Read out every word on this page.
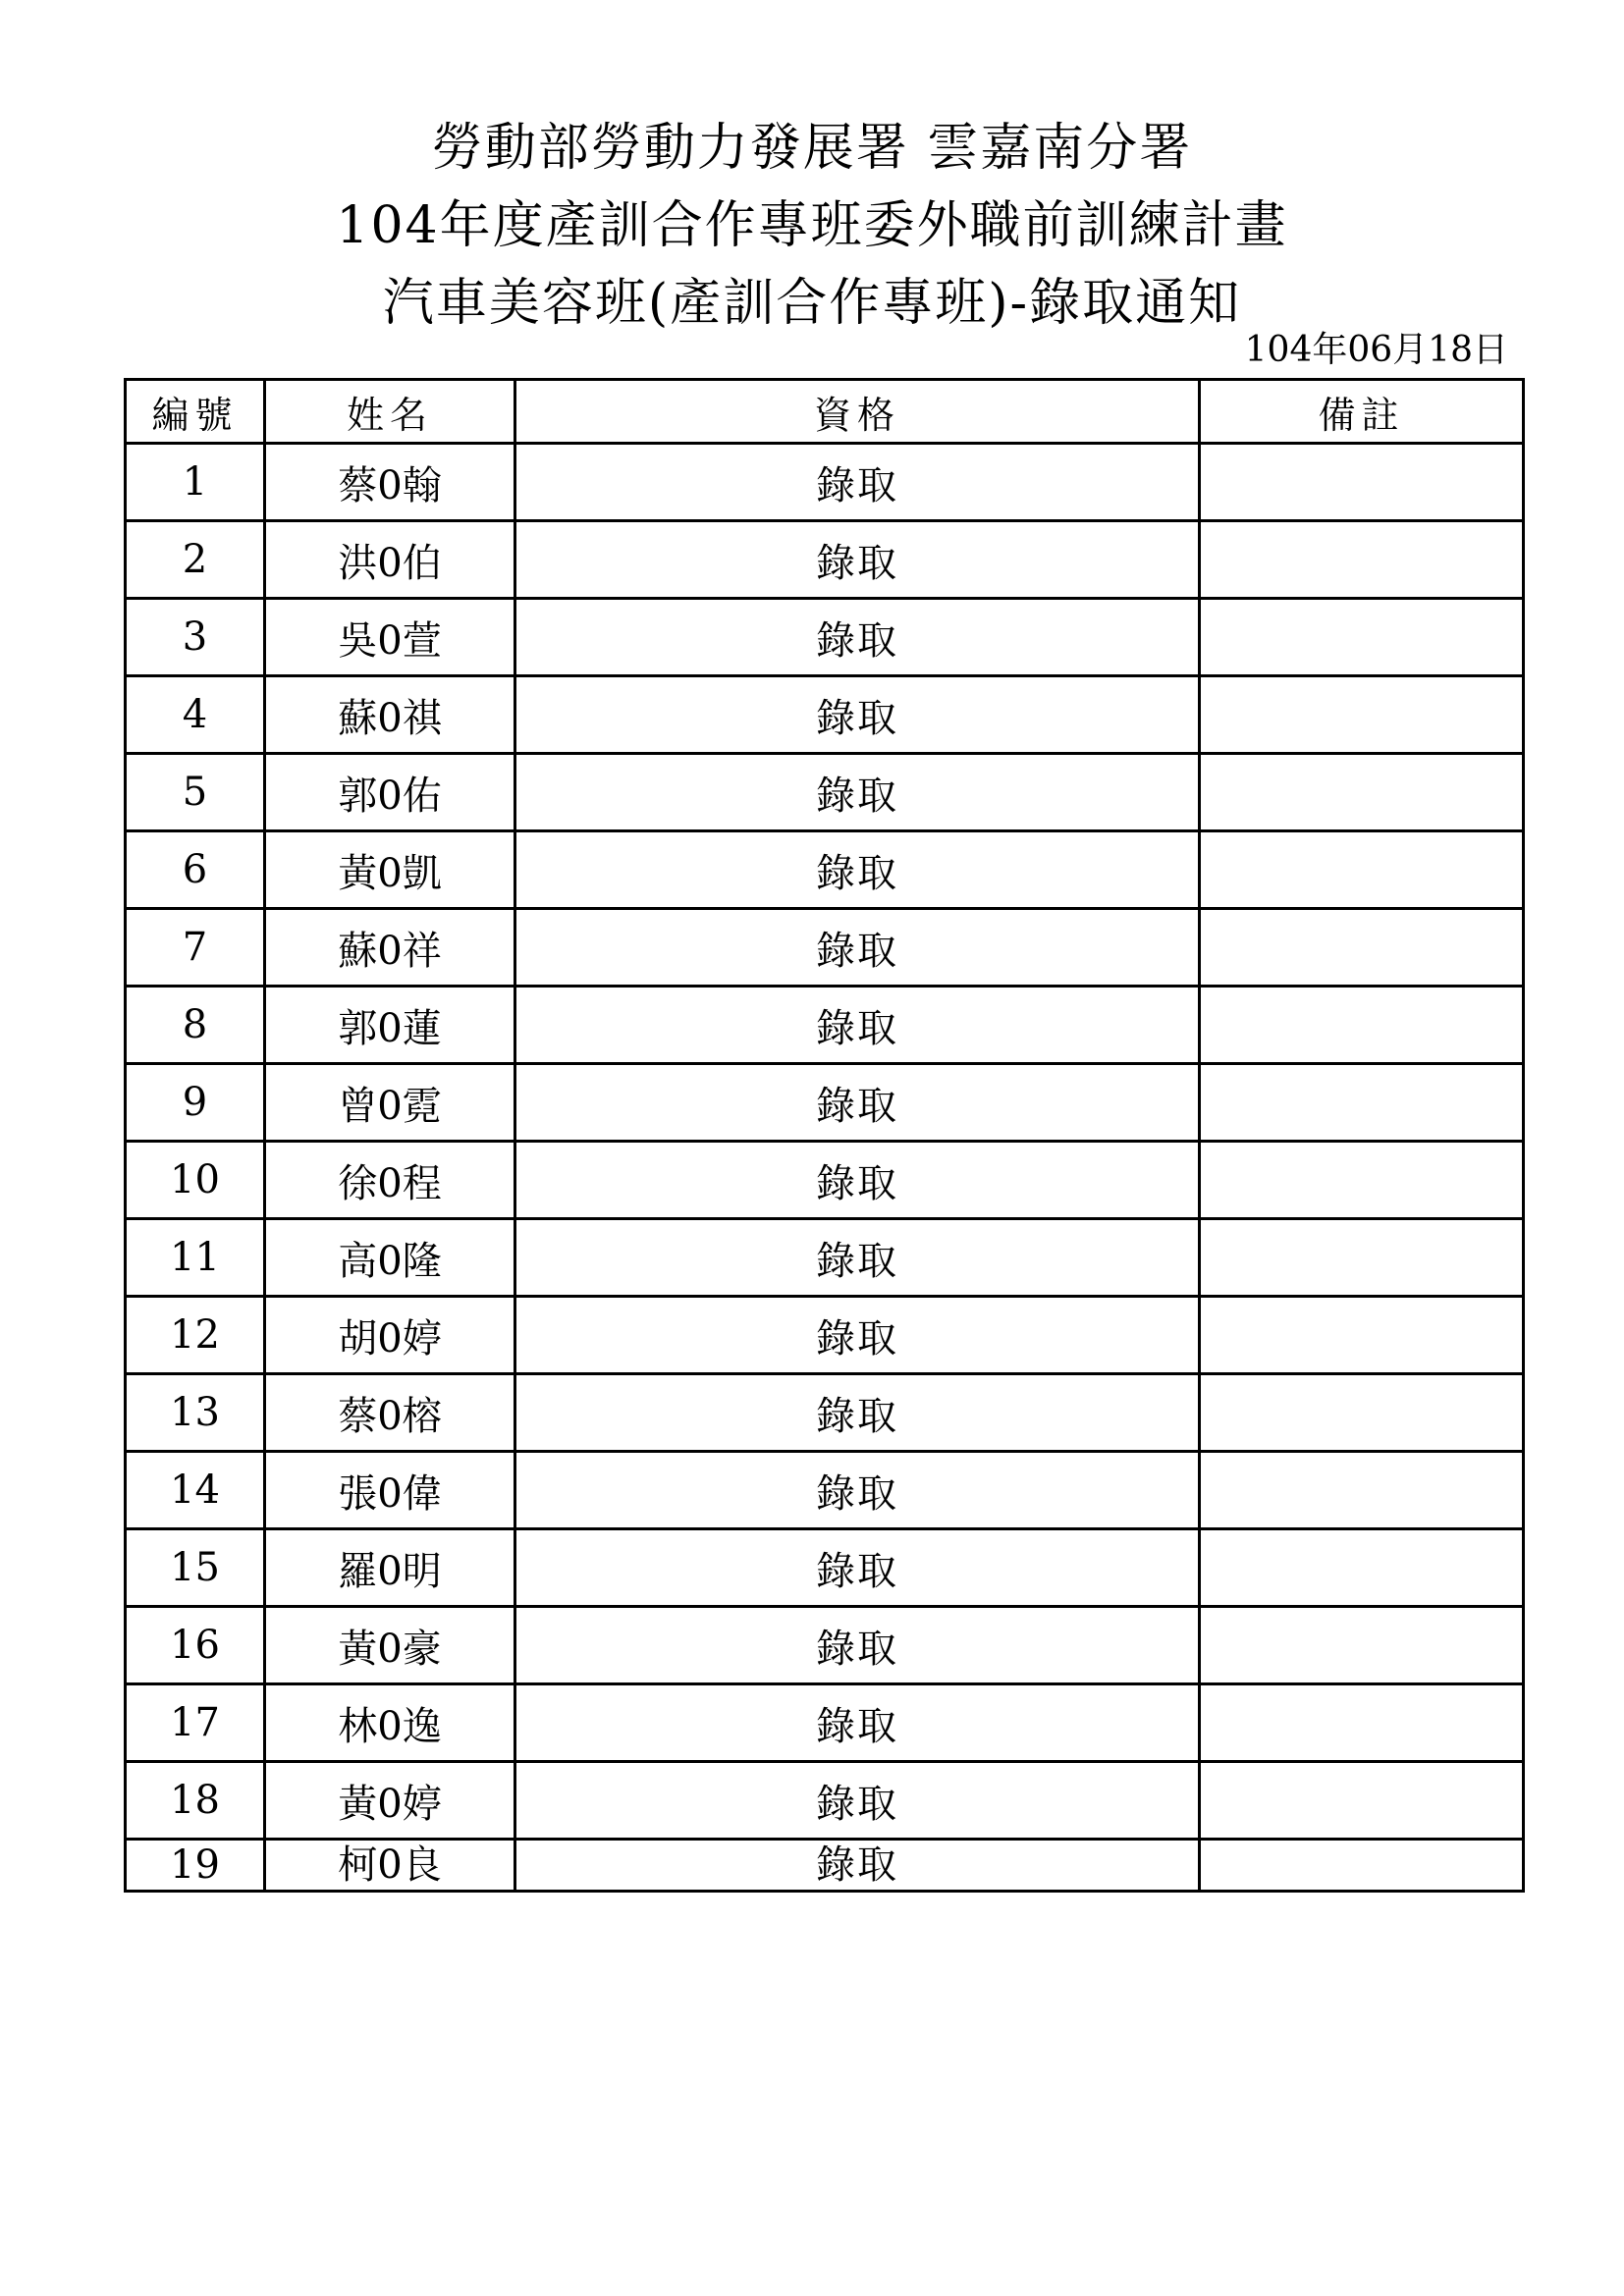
勞動部勞動力發展署 雲嘉南分署
104年度產訓合作專班委外職前訓練計畫
汽車美容班(產訓合作專班)-錄取通知
104年06月18日
編號	姓名	資格	備註
1	蔡0翰	錄取	
2	洪0伯	錄取	
3	吳0萱	錄取	
4	蘇0祺	錄取	
5	郭0佑	錄取	
6	黃0凱	錄取	
7	蘇0祥	錄取	
8	郭0蓮	錄取	
9	曾0霓	錄取	
10	徐0程	錄取	
11	高0隆	錄取	
12	胡0婷	錄取	
13	蔡0榕	錄取	
14	張0偉	錄取	
15	羅0明	錄取	
16	黃0豪	錄取	
17	林0逸	錄取	
18	黃0婷	錄取	
19	柯0良	錄取	
